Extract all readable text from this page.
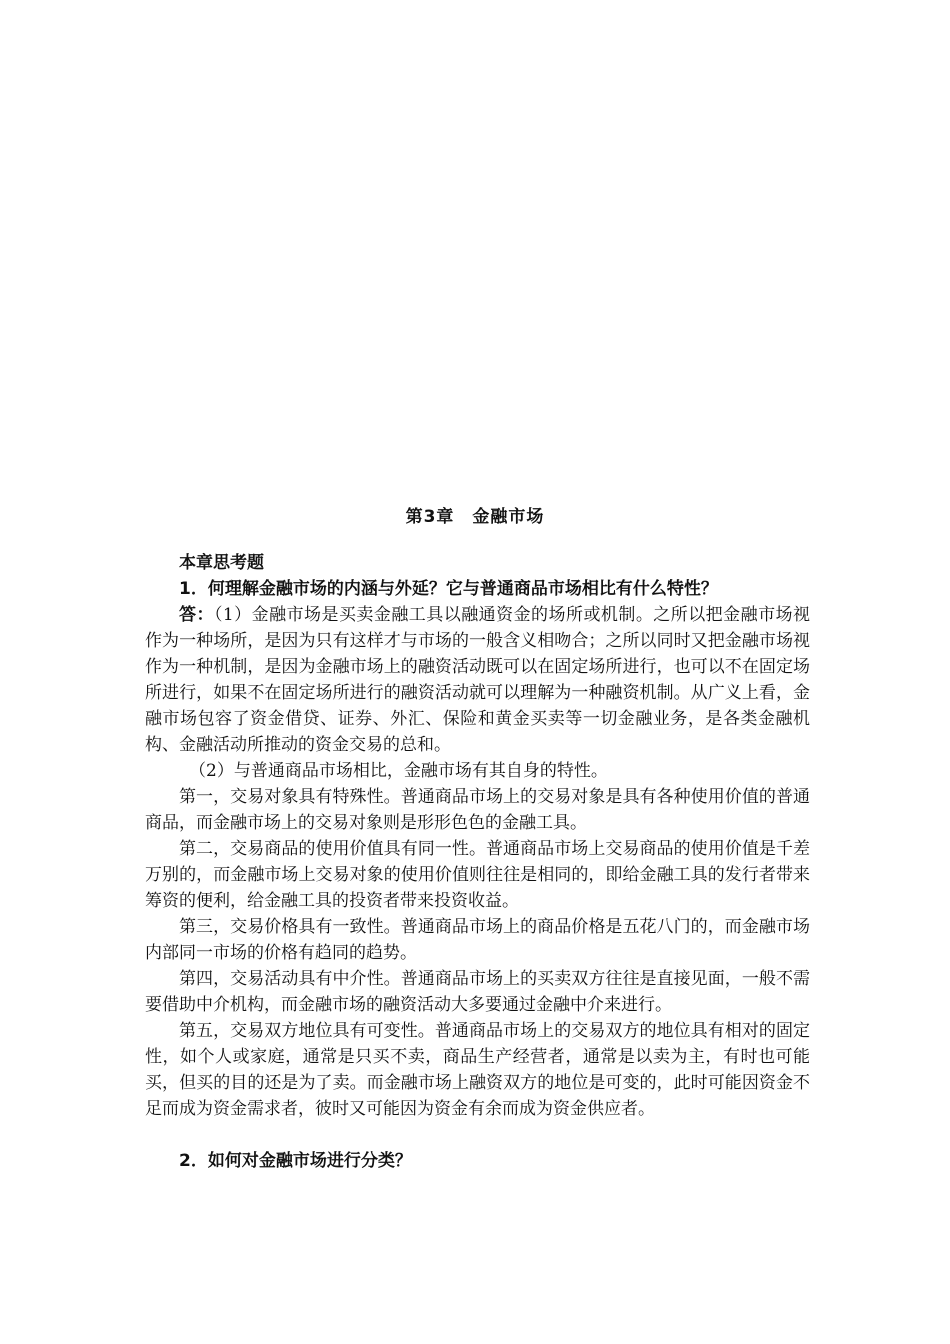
第3章　金融市场

本章思考题

1．何理解金融市场的内涵与外延？它与普通商品市场相比有什么特性？

答：（1）金融市场是买卖金融工具以融通资金的场所或机制。之所以把金融市场视作为一种场所，是因为只有这样才与市场的一般含义相吻合；之所以同时又把金融市场视作为一种机制，是因为金融市场上的融资活动既可以在固定场所进行，也可以不在固定场所进行，如果不在固定场所进行的融资活动就可以理解为一种融资机制。从广义上看，金融市场包容了资金借贷、证券、外汇、保险和黄金买卖等一切金融业务，是各类金融机构、金融活动所推动的资金交易的总和。

（2）与普通商品市场相比，金融市场有其自身的特性。

第一，交易对象具有特殊性。普通商品市场上的交易对象是具有各种使用价值的普通商品，而金融市场上的交易对象则是形形色色的金融工具。

第二，交易商品的使用价值具有同一性。普通商品市场上交易商品的使用价值是千差万别的，而金融市场上交易对象的使用价值则往往是相同的，即给金融工具的发行者带来筹资的便利，给金融工具的投资者带来投资收益。

第三，交易价格具有一致性。普通商品市场上的商品价格是五花八门的，而金融市场内部同一市场的价格有趋同的趋势。

第四，交易活动具有中介性。普通商品市场上的买卖双方往往是直接见面，一般不需要借助中介机构，而金融市场的融资活动大多要通过金融中介来进行。

第五，交易双方地位具有可变性。普通商品市场上的交易双方的地位具有相对的固定性，如个人或家庭，通常是只买不卖，商品生产经营者，通常是以卖为主，有时也可能买，但买的目的还是为了卖。而金融市场上融资双方的地位是可变的，此时可能因资金不足而成为资金需求者，彼时又可能因为资金有余而成为资金供应者。

2．如何对金融市场进行分类？
